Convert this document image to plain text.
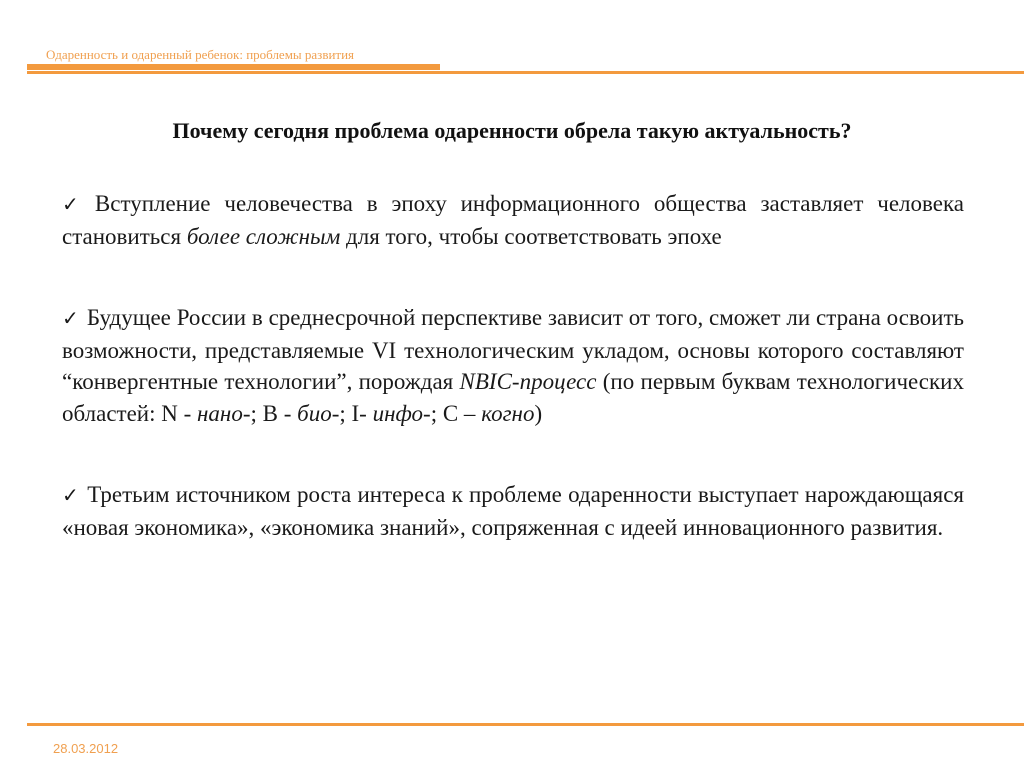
Одаренность и одаренный ребенок: проблемы развития
Почему сегодня проблема одаренности обрела такую актуальность?

✓ Вступление человечества в эпоху информационного общества заставляет человека становиться более сложным для того, чтобы соответствовать эпохе

✓ Будущее России в среднесрочной перспективе зависит от того, сможет ли страна освоить возможности, представляемые VI технологическим укладом, основы которого составляют “конвергентные технологии”, порождая NBIC-процесс (по первым буквам технологических областей: N - нано-; В - био-; I- инфо-; С – когно)

✓ Третьим источником роста интереса к проблеме одаренности выступает нарождающаяся «новая экономика», «экономика знаний», сопряженная с идеей инновационного развития.

28.03.2012
